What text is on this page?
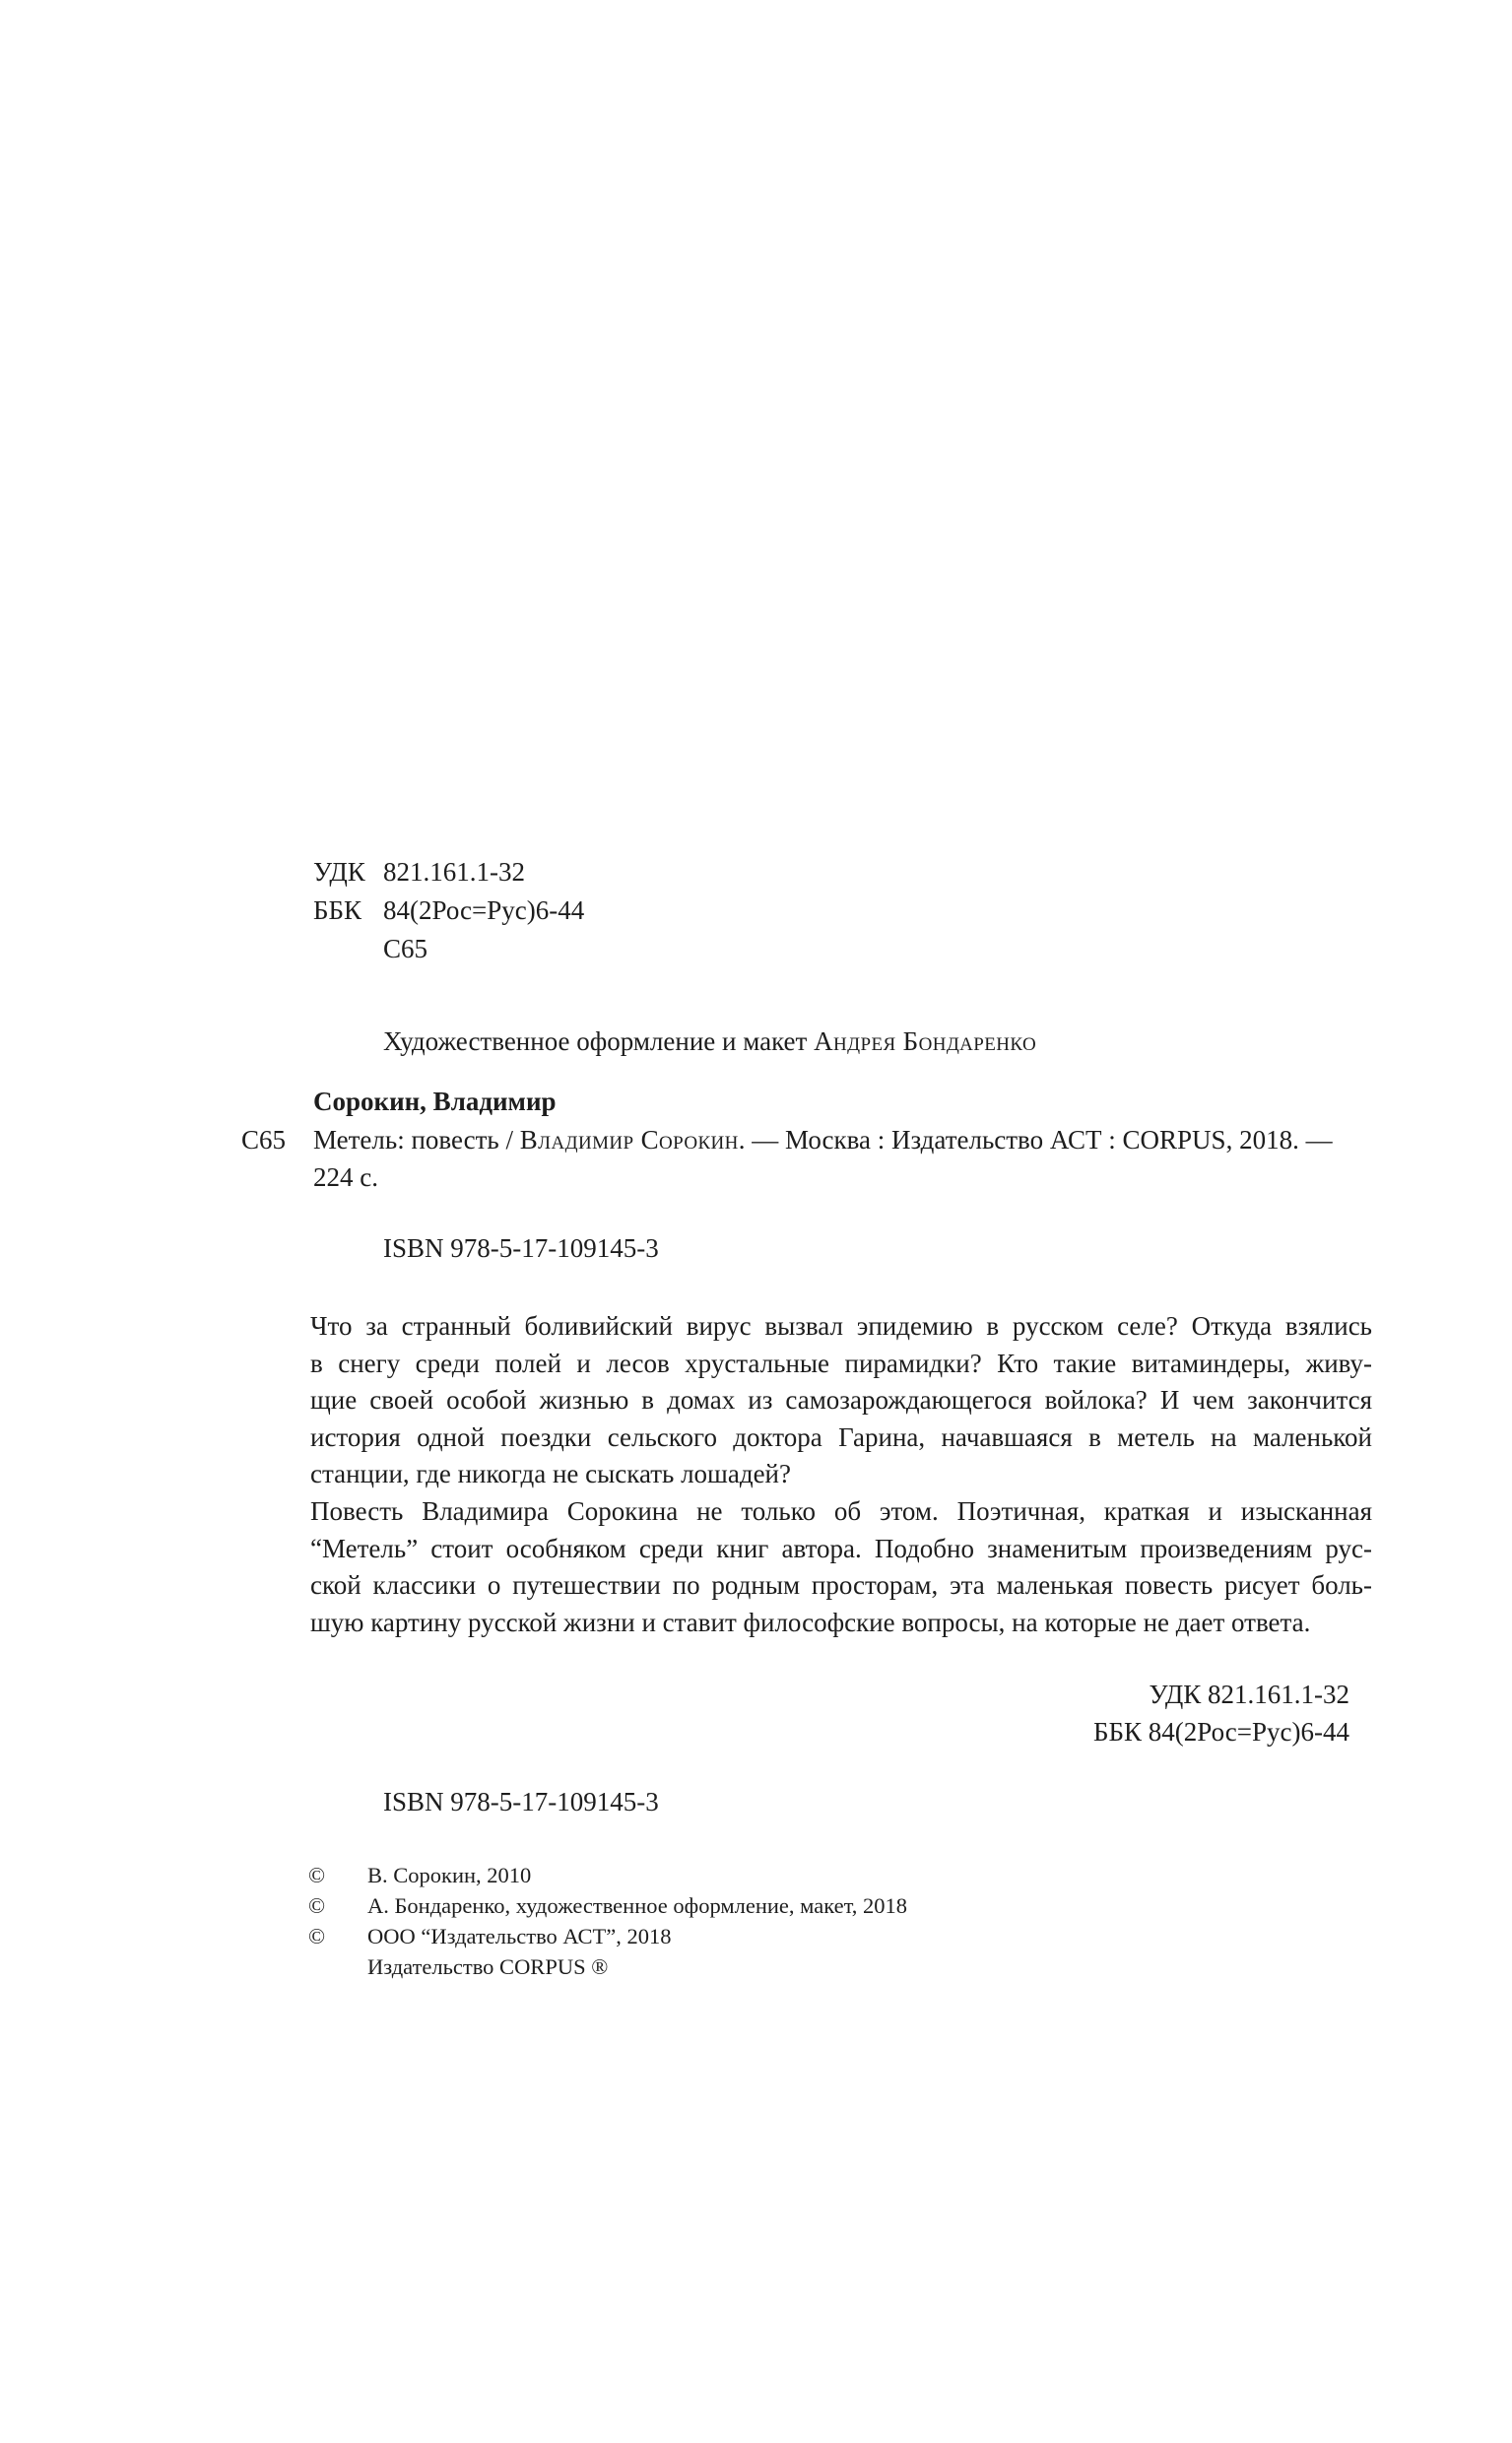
УДК 821.161.1-32
ББК 84(2Рос=Рус)6-44
С65
Художественное оформление и макет Андрея Бондаренко
С65
Сорокин, Владимир
Метель: повесть / Владимир Сорокин. — Москва : Издательство АСТ : CORPUS, 2018. —
224 с.
ISBN 978-5-17-109145-3
Что за странный боливийский вирус вызвал эпидемию в русском селе? Откуда взялись
в снегу среди полей и лесов хрустальные пирамидки? Кто такие витаминдеры, живу-
щие своей особой жизнью в домах из самозарождающегося войлока? И чем закончится
история одной поездки сельского доктора Гарина, начавшаяся в метель на маленькой
станции, где никогда не сыскать лошадей?
Повесть Владимира Сорокина не только об этом. Поэтичная, краткая и изысканная
“Метель” стоит особняком среди книг автора. Подобно знаменитым произведениям рус-
ской классики о путешествии по родным просторам, эта маленькая повесть рисует боль-
шую картину русской жизни и ставит философские вопросы, на которые не дает ответа.
УДК 821.161.1-32
ББК 84(2Рос=Рус)6-44
ISBN 978-5-17-109145-3
© В. Сорокин, 2010
© А. Бондаренко, художественное оформление, макет, 2018
© ООО “Издательство АСТ”, 2018
Издательство CORPUS ®
